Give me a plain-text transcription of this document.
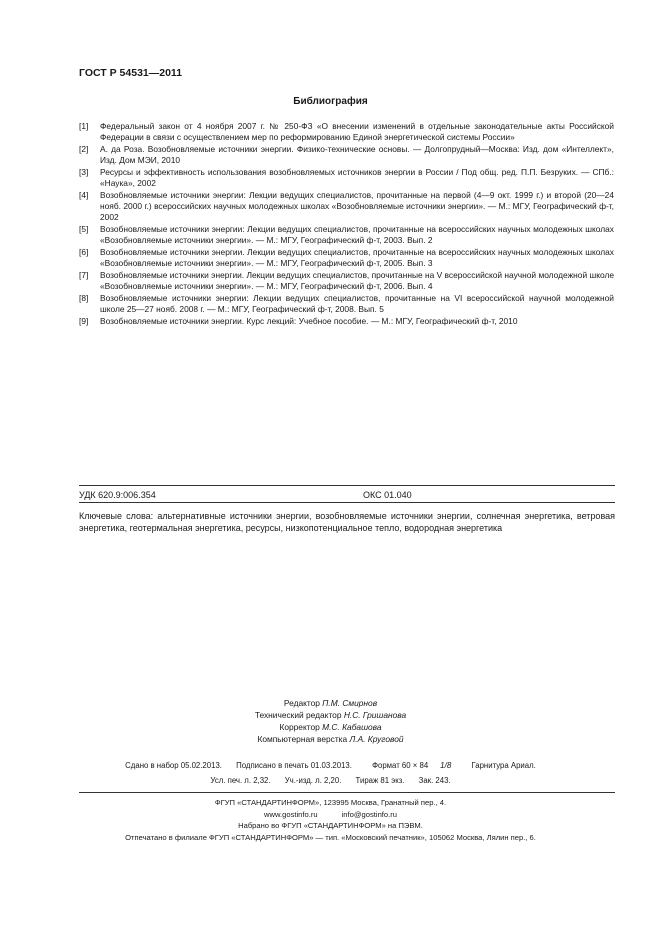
ГОСТ Р 54531—2011
Библиография
[1] Федеральный закон от 4 ноября 2007 г. № 250-ФЗ «О внесении изменений в отдельные законодательные акты Российской Федерации в связи с осуществлением мер по реформированию Единой энергетической системы России»
[2] А. да Роза. Возобновляемые источники энергии. Физико-технические основы. — Долгопрудный—Москва: Изд. дом «Интеллект», Изд. Дом МЭИ, 2010
[3] Ресурсы и эффективность использования возобновляемых источников энергии в России / Под общ. ред. П.П. Безруких. — СПб.: «Наука», 2002
[4] Возобновляемые источники энергии: Лекции ведущих специалистов, прочитанные на первой (4—9 окт. 1999 г.) и второй (20—24 нояб. 2000 г.) всероссийских научных молодежных школах «Возобновляемые источники энергии». — М.: МГУ, Географический ф-т, 2002
[5] Возобновляемые источники энергии: Лекции ведущих специалистов, прочитанные на всероссийских научных молодежных школах «Возобновляемые источники энергии». — М.: МГУ, Географический ф-т, 2003. Вып. 2
[6] Возобновляемые источники энергии. Лекции ведущих специалистов, прочитанные на всероссийских научных молодежных школах «Возобновляемые источники энергии». — М.: МГУ, Географический ф-т, 2005. Вып. 3
[7] Возобновляемые источники энергии. Лекции ведущих специалистов, прочитанные на V всероссийской научной молодежной школе «Возобновляемые источники энергии». — М.: МГУ, Географический ф-т, 2006. Вып. 4
[8] Возобновляемые источники энергии: Лекции ведущих специалистов, прочитанные на VI всероссийской научной молодежной школе 25—27 нояб. 2008 г. — М.: МГУ, Географический ф-т, 2008. Вып. 5
[9] Возобновляемые источники энергии. Курс лекций: Учебное пособие. — М.: МГУ, Географический ф-т, 2010
УДК 620.9:006.354	ОКС 01.040
Ключевые слова: альтернативные источники энергии, возобновляемые источники энергии, солнечная энергетика, ветровая энергетика, геотермальная энергетика, ресурсы, низкопотенциальное тепло, водородная энергетика
Редактор П.М. Смирнов
Технический редактор Н.С. Гришанова
Корректор М.С. Кабашова
Компьютерная верстка Л.А. Круговой
Сдано в набор 05.02.2013. Подписано в печать 01.03.2013.	Формат 60 × 84 1/8	Гарнитура Ариал.
Усл. печ. л. 2,32. Уч.-изд. л. 2,20. Тираж 81 экз. Зак. 243.
ФГУП «СТАНДАРТИНФОРМ», 123995 Москва, Гранатный пер., 4.
www.gostinfo.ru	info@gostinfo.ru
Набрано во ФГУП «СТАНДАРТИНФОРМ» на ПЭВМ.
Отпечатано в филиале ФГУП «СТАНДАРТИНФОРМ» — тип. «Московский печатник», 105062 Москва, Лялин пер., 6.
